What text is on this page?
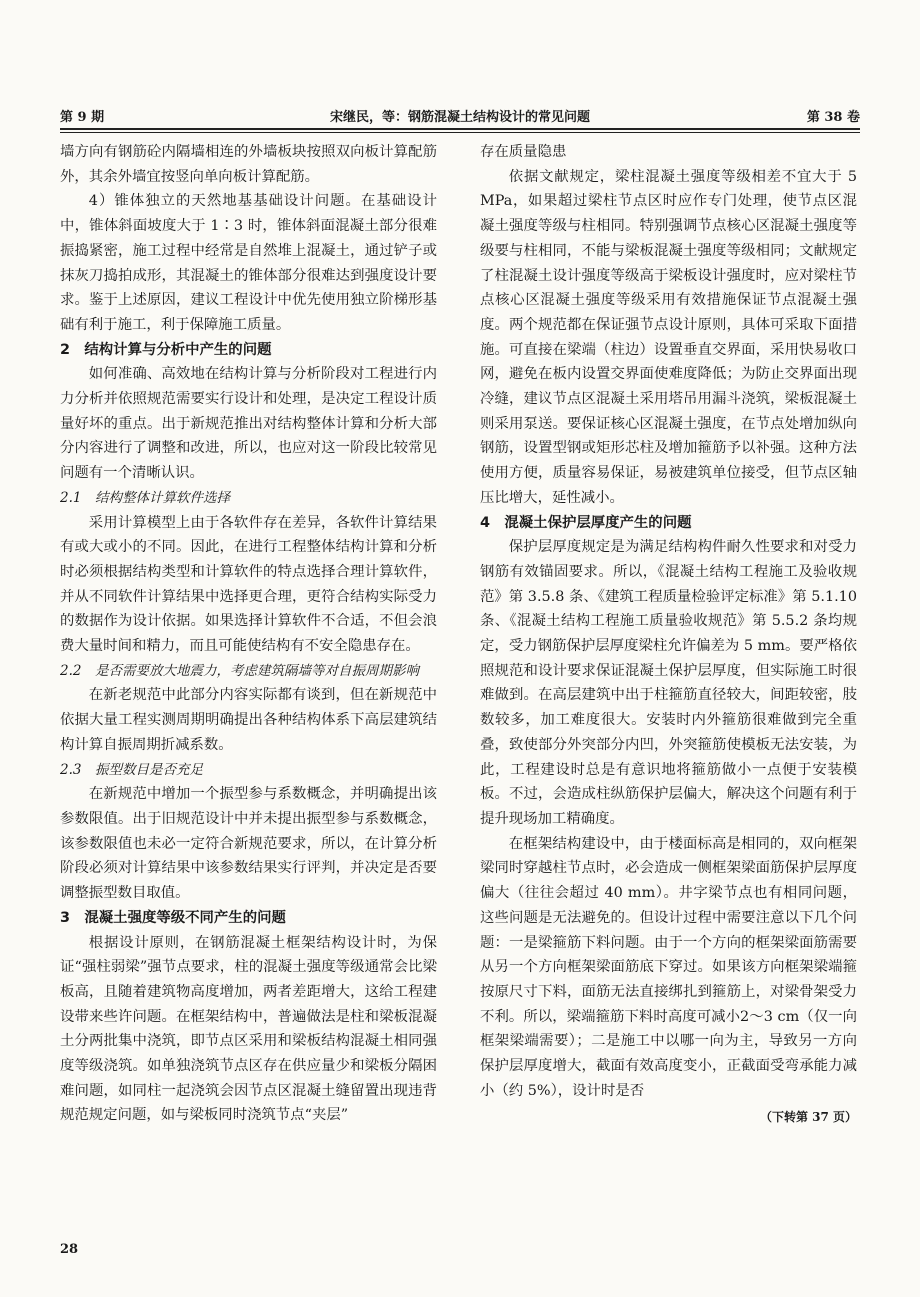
第 9 期	宋继民，等：钢筋混凝土结构设计的常见问题	第 38 卷

墙方向有钢筋砼内隔墙相连的外墙板块按照双向板计算配筋外，其余外墙宜按竖向单向板计算配筋。

4）锥体独立的天然地基基础设计问题。在基础设计中，锥体斜面坡度大于 1∶3 时，锥体斜面混凝土部分很难振捣紧密，施工过程中经常是自然堆上混凝土，通过铲子或抹灰刀捣拍成形，其混凝土的锥体部分很难达到强度设计要求。鉴于上述原因，建议工程设计中优先使用独立阶梯形基础有利于施工，利于保障施工质量。

2　结构计算与分析中产生的问题

如何准确、高效地在结构计算与分析阶段对工程进行内力分析并依照规范需要实行设计和处理，是决定工程设计质量好坏的重点。出于新规范推出对结构整体计算和分析大部分内容进行了调整和改进，所以，也应对这一阶段比较常见问题有一个清晰认识。

2.1　结构整体计算软件选择

采用计算模型上由于各软件存在差异，各软件计算结果有或大或小的不同。因此，在进行工程整体结构计算和分析时必须根据结构类型和计算软件的特点选择合理计算软件，并从不同软件计算结果中选择更合理，更符合结构实际受力的数据作为设计依据。如果选择计算软件不合适，不但会浪费大量时间和精力，而且可能使结构有不安全隐患存在。

2.2　是否需要放大地震力，考虑建筑隔墙等对自振周期影响

在新老规范中此部分内容实际都有谈到，但在新规范中依据大量工程实测周期明确提出各种结构体系下高层建筑结构计算自振周期折减系数。

2.3　振型数目是否充足

在新规范中增加一个振型参与系数概念，并明确提出该参数限值。出于旧规范设计中并未提出振型参与系数概念，该参数限值也未必一定符合新规范要求，所以，在计算分析阶段必须对计算结果中该参数结果实行评判，并决定是否要调整振型数目取值。

3　混凝土强度等级不同产生的问题

根据设计原则，在钢筋混凝土框架结构设计时，为保证“强柱弱梁”强节点要求，柱的混凝土强度等级通常会比梁板高，且随着建筑物高度增加，两者差距增大，这给工程建设带来些许问题。在框架结构中，普遍做法是柱和梁板混凝土分两批集中浇筑，即节点区采用和梁板结构混凝土相同强度等级浇筑。如单独浇筑节点区存在供应量少和梁板分隔困难问题，如同柱一起浇筑会因节点区混凝土缝留置出现违背规范规定问题，如与梁板同时浇筑节点“夹层”

存在质量隐患

依据文献规定，梁柱混凝土强度等级相差不宜大于 5 MPa，如果超过梁柱节点区时应作专门处理，使节点区混凝土强度等级与柱相同。特别强调节点核心区混凝土强度等级要与柱相同，不能与梁板混凝土强度等级相同；文献规定了柱混凝土设计强度等级高于梁板设计强度时，应对梁柱节点核心区混凝土强度等级采用有效措施保证节点混凝土强度。两个规范都在保证强节点设计原则，具体可采取下面措施。可直接在梁端（柱边）设置垂直交界面，采用快易收口网，避免在板内设置交界面使难度降低；为防止交界面出现冷缝，建议节点区混凝土采用塔吊用漏斗浇筑，梁板混凝土则采用泵送。要保证核心区混凝土强度，在节点处增加纵向钢筋，设置型钢或矩形芯柱及增加箍筋予以补强。这种方法使用方便，质量容易保证，易被建筑单位接受，但节点区轴压比增大，延性减小。

4　混凝土保护层厚度产生的问题

保护层厚度规定是为满足结构构件耐久性要求和对受力钢筋有效锚固要求。所以，《混凝土结构工程施工及验收规范》第 3.5.8 条、《建筑工程质量检验评定标准》第 5.1.10 条、《混凝土结构工程施工质量验收规范》第 5.5.2 条均规定，受力钢筋保护层厚度梁柱允许偏差为 5 mm。要严格依照规范和设计要求保证混凝土保护层厚度，但实际施工时很难做到。在高层建筑中出于柱箍筋直径较大，间距较密，肢数较多，加工难度很大。安装时内外箍筋很难做到完全重叠，致使部分外突部分内凹，外突箍筋使模板无法安装，为此，工程建设时总是有意识地将箍筋做小一点便于安装模板。不过，会造成柱纵筋保护层偏大，解决这个问题有利于提升现场加工精确度。

在框架结构建设中，由于楼面标高是相同的，双向框架梁同时穿越柱节点时，必会造成一侧框架梁面筋保护层厚度偏大（往往会超过 40 mm）。井字梁节点也有相同问题，这些问题是无法避免的。但设计过程中需要注意以下几个问题：一是梁箍筋下料问题。由于一个方向的框架梁面筋需要从另一个方向框架梁面筋底下穿过。如果该方向框架梁端箍按原尺寸下料，面筋无法直接绑扎到箍筋上，对梁骨架受力不利。所以，梁端箍筋下料时高度可减小2～3 cm（仅一向框架梁端需要）；二是施工中以哪一向为主，导致另一方向保护层厚度增大，截面有效高度变小，正截面受弯承能力减小（约 5%），设计时是否

（下转第 37 页）
28
